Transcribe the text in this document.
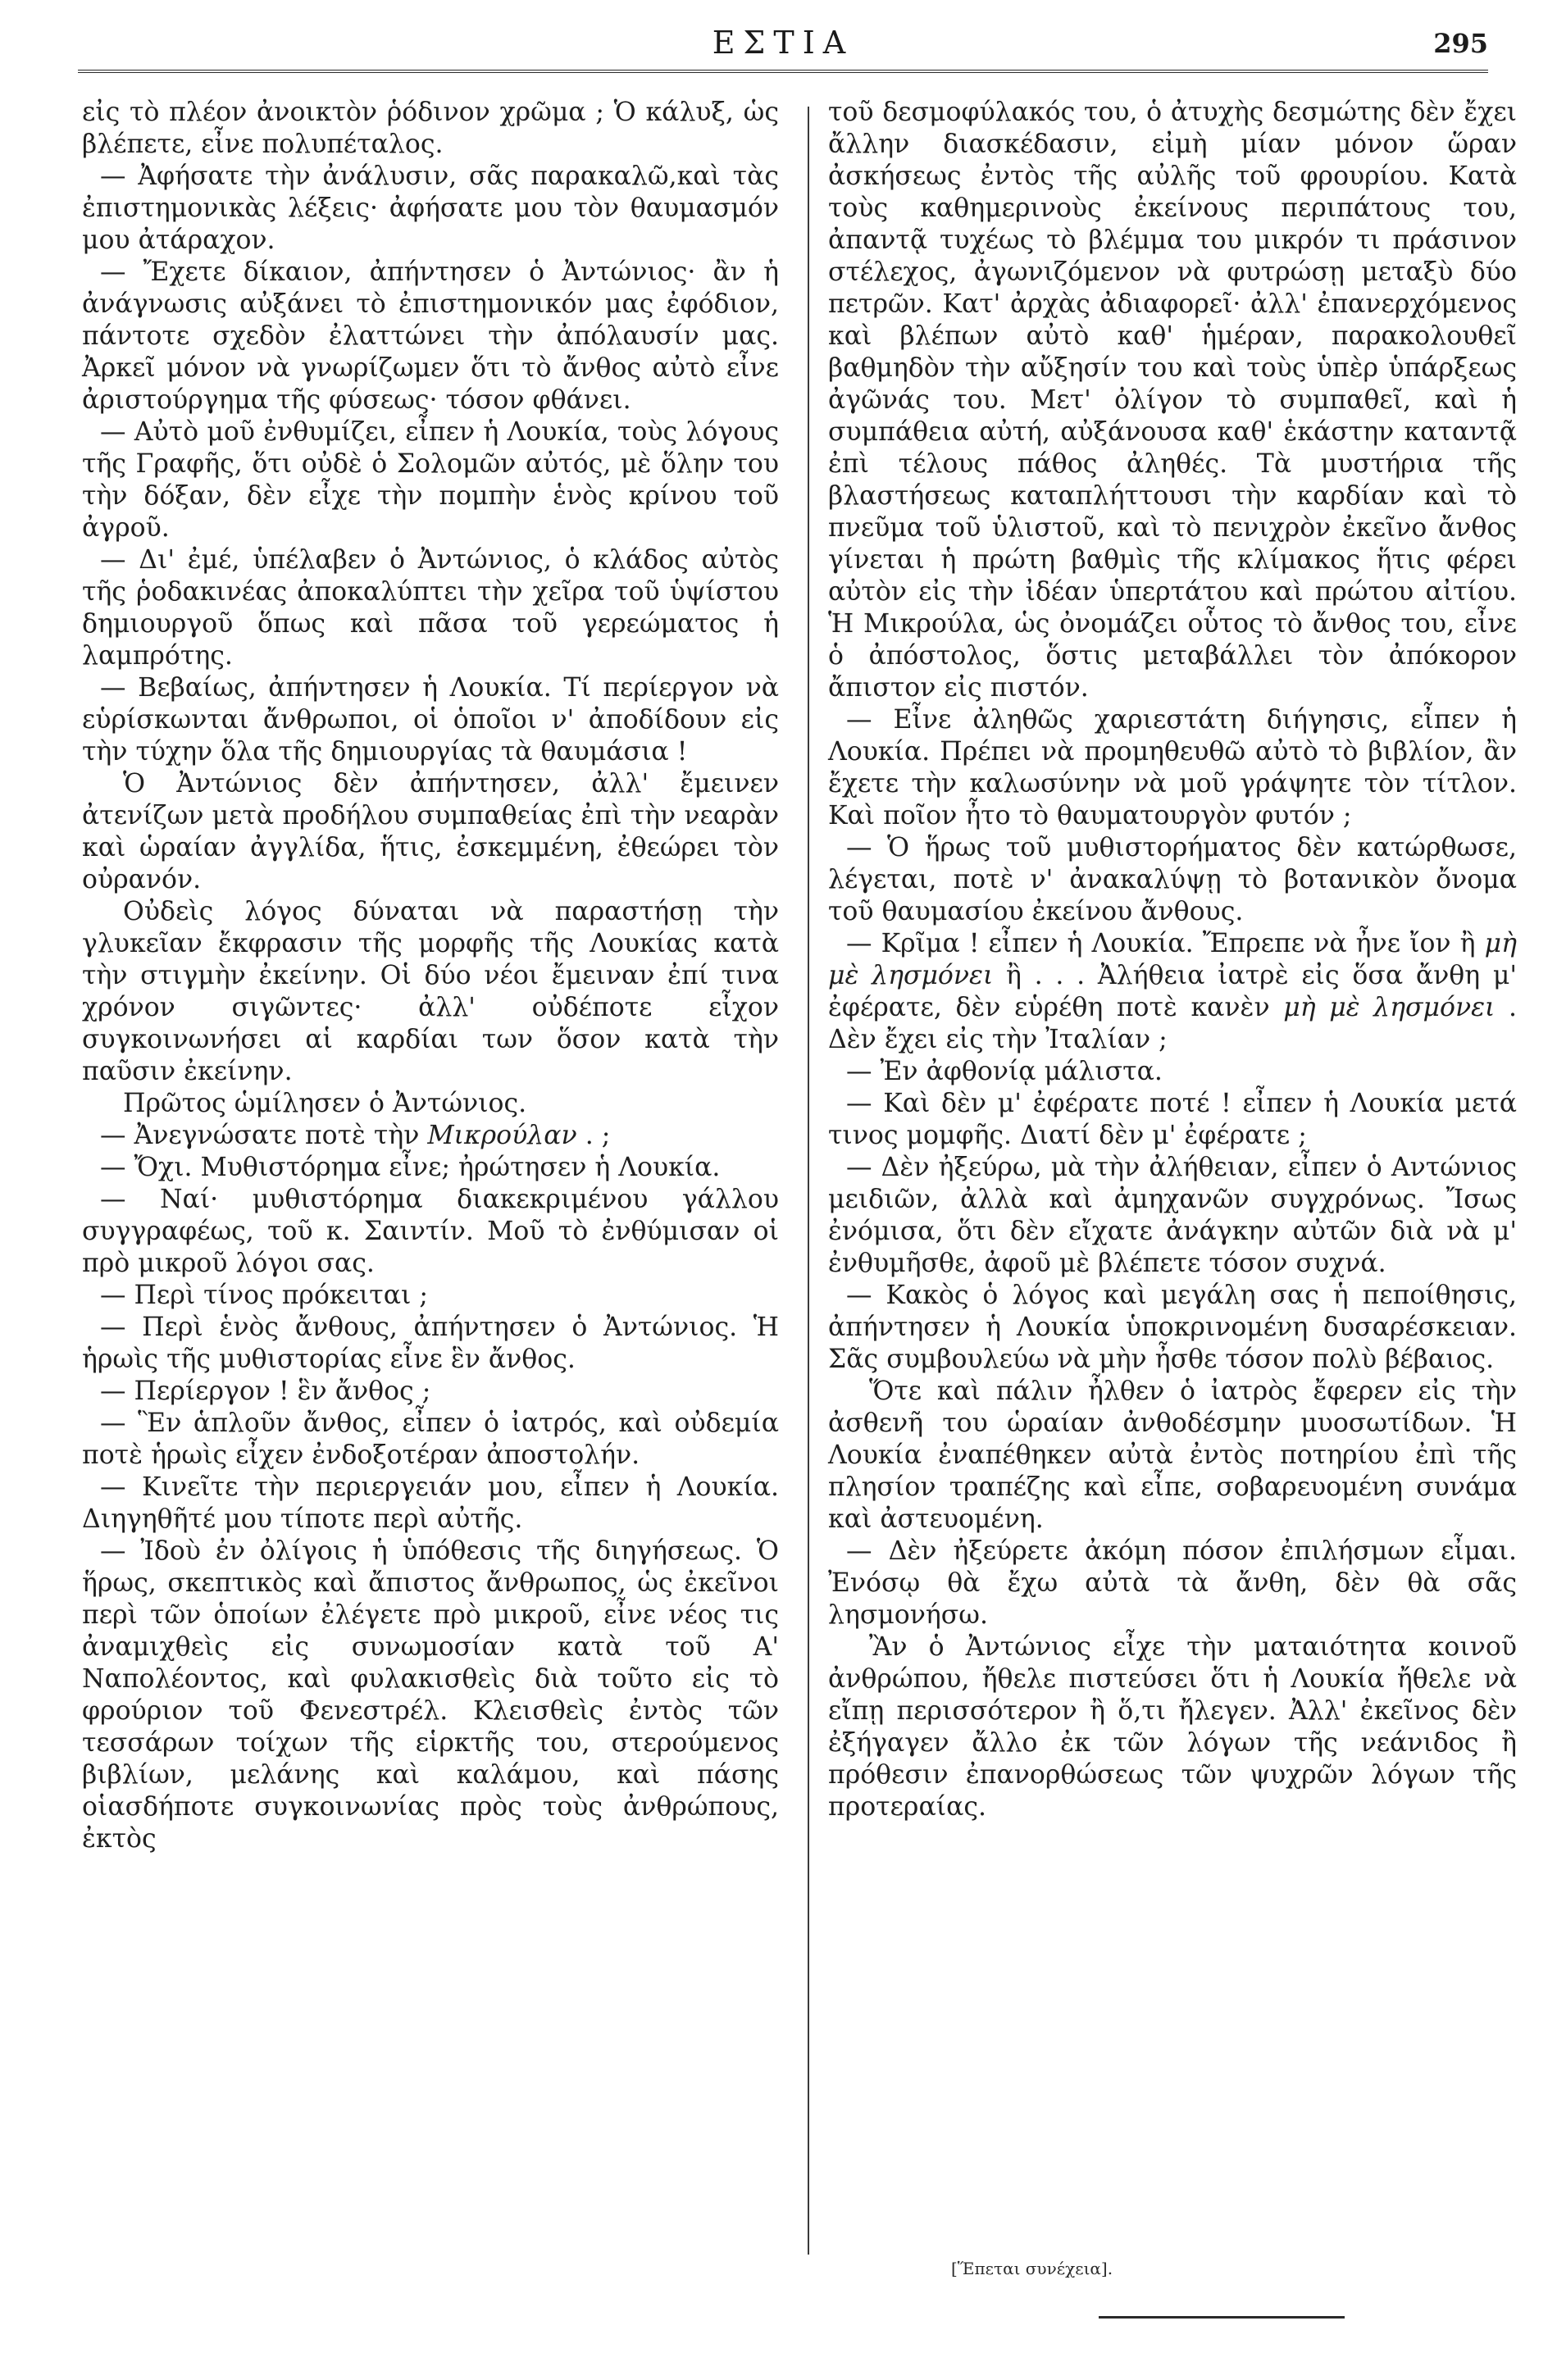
ΕΣΤΙΑ	295

εἰς τὸ πλέον ἀνοικτὸν ῥόδινον χρῶμα ; Ὁ κάλυξ, ὡς βλέπετε, εἶνε πολυπέταλος.

— Ἀφήσατε τὴν ἀνάλυσιν, σᾶς παρακαλῶ,καὶ τὰς ἐπιστημονικὰς λέξεις· ἀφήσατε μου τὸν θαυμασμόν μου ἀτάραχον.

— Ἔχετε δίκαιον, ἀπήντησεν ὁ Ἀντώνιος· ἂν ἡ ἀνάγνωσις αὐξάνει τὸ ἐπιστημονικόν μας ἐφόδιον, πάντοτε σχεδὸν ἐλαττώνει τὴν ἀπόλαυσίν μας. Ἀρκεῖ μόνον νὰ γνωρίζωμεν ὅτι τὸ ἄνθος αὐτὸ εἶνε ἀριστούργημα τῆς φύσεως· τόσον φθάνει.

— Αὐτὸ μοῦ ἐνθυμίζει, εἶπεν ἡ Λουκία, τοὺς λόγους τῆς Γραφῆς, ὅτι οὐδὲ ὁ Σολομῶν αὐτός, μὲ ὅλην του τὴν δόξαν, δὲν εἶχε τὴν πομπὴν ἑνὸς κρίνου τοῦ ἀγροῦ.

— Δι' ἐμέ, ὑπέλαβεν ὁ Ἀντώνιος, ὁ κλάδος αὐτὸς τῆς ῥοδακινέας ἀποκαλύπτει τὴν χεῖρα τοῦ ὑψίστου δημιουργοῦ ὅπως καὶ πᾶσα τοῦ γερεώματος ἡ λαμπρότης.

— Βεβαίως, ἀπήντησεν ἡ Λουκία. Τί περίεργον νὰ εὑρίσκωνται ἄνθρωποι, οἱ ὁποῖοι ν' ἀποδίδουν εἰς τὴν τύχην ὅλα τῆς δημιουργίας τὰ θαυμάσια !

Ὁ Ἀντώνιος δὲν ἀπήντησεν, ἀλλ' ἔμεινεν ἀτενίζων μετὰ προδήλου συμπαθείας ἐπὶ τὴν νεαρὰν καὶ ὡραίαν ἀγγλίδα, ἥτις, ἐσκεμμένη, ἐθεώρει τὸν οὐρανόν.

Οὐδεὶς λόγος δύναται νὰ παραστήσῃ τὴν γλυκεῖαν ἔκφρασιν τῆς μορφῆς τῆς Λουκίας κατὰ τὴν στιγμὴν ἐκείνην. Οἱ δύο νέοι ἔμειναν ἐπί τινα χρόνον σιγῶντες· ἀλλ' οὐδέποτε εἶχον συγκοινωνήσει αἱ καρδίαι των ὅσον κατὰ τὴν παῦσιν ἐκείνην.

Πρῶτος ὡμίλησεν ὁ Ἀντώνιος.

— Ἀνεγνώσατε ποτὲ τὴν Μικρούλαν . ;

— Ὄχι. Μυθιστόρημα εἶνε; ἠρώτησεν ἡ Λουκία.

— Ναί· μυθιστόρημα διακεκριμένου γάλλου συγγραφέως, τοῦ κ. Σαιντίν. Μοῦ τὸ ἐνθύμισαν οἱ πρὸ μικροῦ λόγοι σας.

— Περὶ τίνος πρόκειται ;

— Περὶ ἑνὸς ἄνθους, ἀπήντησεν ὁ Ἀντώνιος. Ἡ ἡρωὶς τῆς μυθιστορίας εἶνε ἓν ἄνθος.

— Περίεργον ! ἓν ἄνθος ;

— Ἓν ἁπλοῦν ἄνθος, εἶπεν ὁ ἰατρός, καὶ οὐδεμία ποτὲ ἡρωὶς εἶχεν ἐνδοξοτέραν ἀποστολήν.

— Κινεῖτε τὴν περιεργειάν μου, εἶπεν ἡ Λουκία. Διηγηθῆτέ μου τίποτε περὶ αὐτῆς.

— Ἰδοὺ ἐν ὀλίγοις ἡ ὑπόθεσις τῆς διηγήσεως. Ὁ ἥρως, σκεπτικὸς καὶ ἄπιστος ἄνθρωπος, ὡς ἐκεῖνοι περὶ τῶν ὁποίων ἐλέγετε πρὸ μικροῦ, εἶνε νέος τις ἀναμιχθεὶς εἰς συνωμοσίαν κατὰ τοῦ Α' Ναπολέοντος, καὶ φυλακισθεὶς διὰ τοῦτο εἰς τὸ φρούριον τοῦ Φενεστρέλ. Κλεισθεὶς ἐντὸς τῶν τεσσάρων τοίχων τῆς εἱρκτῆς του, στερούμενος βιβλίων, μελάνης καὶ καλάμου, καὶ πάσης οἱασδήποτε συγκοινωνίας πρὸς τοὺς ἀνθρώπους, ἐκτὸς

τοῦ δεσμοφύλακός του, ὁ ἀτυχὴς δεσμώτης δὲν ἔχει ἄλλην διασκέδασιν, εἰμὴ μίαν μόνον ὥραν ἀσκήσεως ἐντὸς τῆς αὐλῆς τοῦ φρουρίου. Κατὰ τοὺς καθημερινοὺς ἐκείνους περιπάτους του, ἀπαντᾷ τυχέως τὸ βλέμμα του μικρόν τι πράσινον στέλεχος, ἀγωνιζόμενον νὰ φυτρώσῃ μεταξὺ δύο πετρῶν. Κατ' ἀρχὰς ἀδιαφορεῖ· ἀλλ' ἐπανερχόμενος καὶ βλέπων αὐτὸ καθ' ἡμέραν, παρακολουθεῖ βαθμηδὸν τὴν αὔξησίν του καὶ τοὺς ὑπὲρ ὑπάρξεως ἀγῶνάς του. Μετ' ὀλίγον τὸ συμπαθεῖ, καὶ ἡ συμπάθεια αὐτή, αὐξάνουσα καθ' ἑκάστην καταντᾷ ἐπὶ τέλους πάθος ἀληθές. Τὰ μυστήρια τῆς βλαστήσεως καταπλήττουσι τὴν καρδίαν καὶ τὸ πνεῦμα τοῦ ὑλιστοῦ, καὶ τὸ πενιχρὸν ἐκεῖνο ἄνθος γίνεται ἡ πρώτη βαθμὶς τῆς κλίμακος ἥτις φέρει αὐτὸν εἰς τὴν ἰδέαν ὑπερτάτου καὶ πρώτου αἰτίου. Ἡ Μικρούλα, ὡς ὀνομάζει οὗτος τὸ ἄνθος του, εἶνε ὁ ἀπόστολος, ὅστις μεταβάλλει τὸν ἀπόκορον ἄπιστον εἰς πιστόν.

— Εἶνε ἀληθῶς χαριεστάτη διήγησις, εἶπεν ἡ Λουκία. Πρέπει νὰ προμηθευθῶ αὐτὸ τὸ βιβλίον, ἂν ἔχετε τὴν καλωσύνην νὰ μοῦ γράψητε τὸν τίτλον. Καὶ ποῖον ἦτο τὸ θαυματουργὸν φυτόν ;

— Ὁ ἥρως τοῦ μυθιστορήματος δὲν κατώρθωσε, λέγεται, ποτὲ ν' ἀνακαλύψῃ τὸ βοτανικὸν ὄνομα τοῦ θαυμασίου ἐκείνου ἄνθους.

— Κρῖμα ! εἶπεν ἡ Λουκία. Ἔπρεπε νὰ ἦνε ἴον ἢ μὴ μὲ λησμόνει ἢ . . . Ἀλήθεια ἰατρὲ εἰς ὅσα ἄνθη μ' ἐφέρατε, δὲν εὑρέθη ποτὲ κανὲν μὴ μὲ λησμόνει . Δὲν ἔχει εἰς τὴν Ἰταλίαν ;

— Ἐν ἀφθονίᾳ μάλιστα.

— Καὶ δὲν μ' ἐφέρατε ποτέ ! εἶπεν ἡ Λουκία μετά τινος μομφῆς. Διατί δὲν μ' ἐφέρατε ;

— Δὲν ἠξεύρω, μὰ τὴν ἀλήθειαν, εἶπεν ὁ Αντώνιος μειδιῶν, ἀλλὰ καὶ ἀμηχανῶν συγχρόνως. Ἴσως ἐνόμισα, ὅτι δὲν εἴχατε ἀνάγκην αὐτῶν διὰ νὰ μ' ἐνθυμῆσθε, ἀφοῦ μὲ βλέπετε τόσον συχνά.

— Κακὸς ὁ λόγος καὶ μεγάλη σας ἡ πεποίθησις, ἀπήντησεν ἡ Λουκία ὑποκρινομένη δυσαρέσκειαν. Σᾶς συμβουλεύω νὰ μὴν ἦσθε τόσον πολὺ βέβαιος.

Ὅτε καὶ πάλιν ἦλθεν ὁ ἰατρὸς ἔφερεν εἰς τὴν ἀσθενῆ του ὡραίαν ἀνθοδέσμην μυοσωτίδων. Ἡ Λουκία ἐναπέθηκεν αὐτὰ ἐντὸς ποτηρίου ἐπὶ τῆς πλησίον τραπέζης καὶ εἶπε, σοβαρευομένη συνάμα καὶ ἀστευομένη.

— Δὲν ἠξεύρετε ἀκόμη πόσον ἐπιλήσμων εἶμαι. Ἐνόσῳ θὰ ἔχω αὐτὰ τὰ ἄνθη, δὲν θὰ σᾶς λησμονήσω.

Ἂν ὁ Ἀντώνιος εἶχε τὴν ματαιότητα κοινοῦ ἀνθρώπου, ἤθελε πιστεύσει ὅτι ἡ Λουκία ἤθελε νὰ εἴπῃ περισσότερον ἢ ὅ,τι ἤλεγεν. Ἀλλ' ἐκεῖνος δὲν ἐξήγαγεν ἄλλο ἐκ τῶν λόγων τῆς νεάνιδος ἢ πρόθεσιν ἐπανορθώσεως τῶν ψυχρῶν λόγων τῆς προτεραίας.

[Ἕπεται συνέχεια].
